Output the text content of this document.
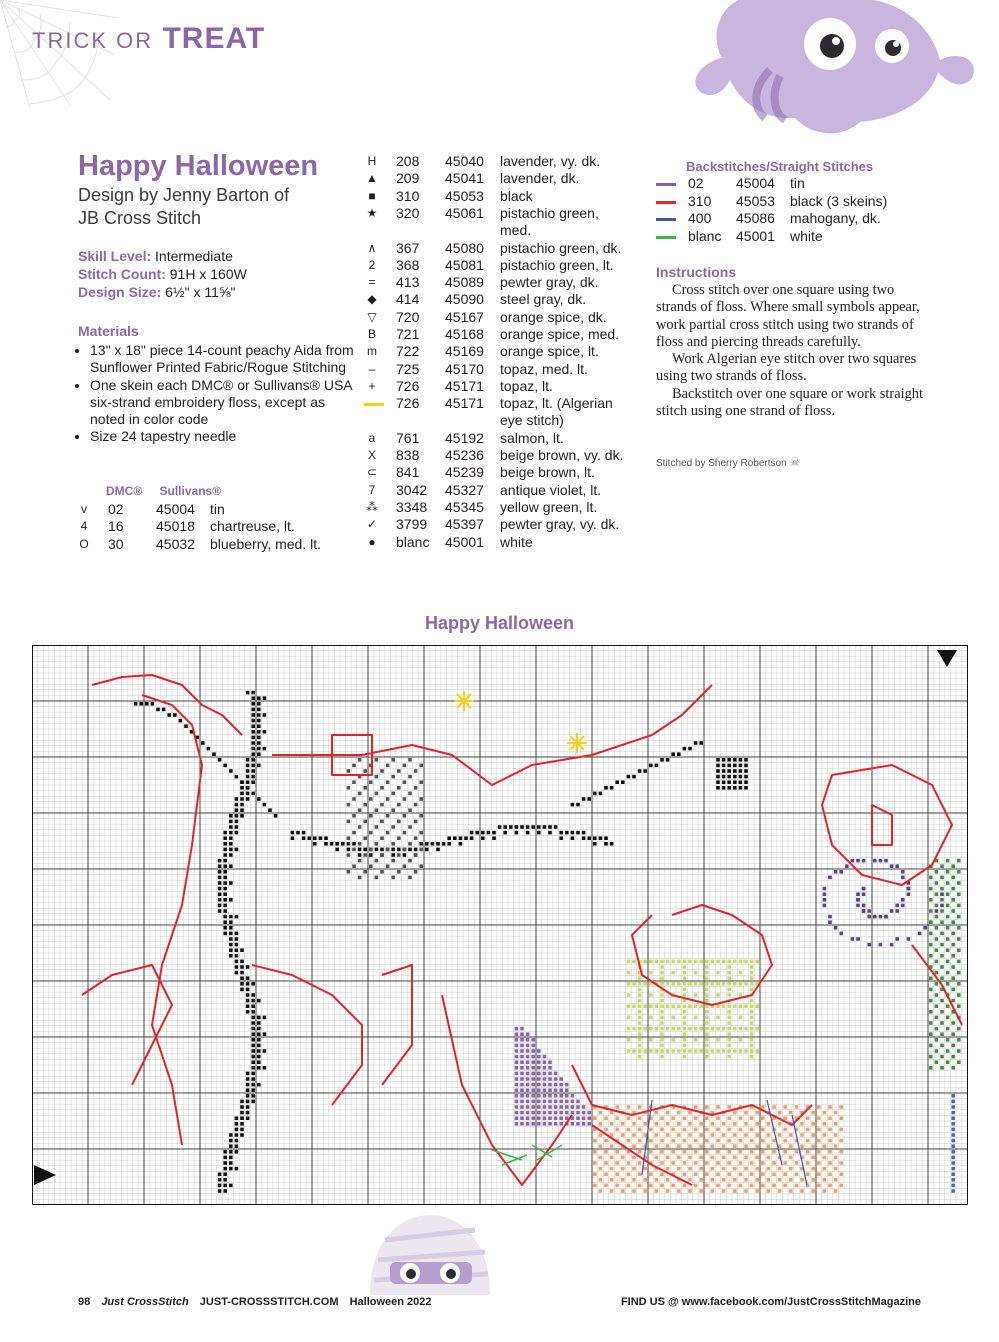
TRICK OR TREAT
Happy Halloween
Design by Jenny Barton of
JB Cross Stitch
Skill Level: Intermediate
Stitch Count: 91H x 160W
Design Size: 6½" x 11⅝"
Materials
• 13" x 18" piece 14-count peachy Aida from Sunflower Printed Fabric/Rogue Stitching
• One skein each DMC® or Sullivans® USA six-strand embroidery floss, except as noted in color code
• Size 24 tapestry needle
DMC® Sullivans®
v 02 45004 tin
4 16 45018 chartreuse, lt.
O 30 45032 blueberry, med. lt.
H 208 45040 lavender, vy. dk.
▲ 209 45041 lavender, dk.
■ 310 45053 black
★ 320 45061 pistachio green,
med.
∧ 367 45080 pistachio green, dk.
2 368 45081 pistachio green, lt.
= 413 45089 pewter gray, dk.
◆ 414 45090 steel gray, dk.
▽ 720 45167 orange spice, dk.
B 721 45168 orange spice, med.
m 722 45169 orange spice, lt.
– 725 45170 topaz, med. lt.
+ 726 45171 topaz, lt.
726 45171 topaz, lt. (Algerian
eye stitch)
a 761 45192 salmon, lt.
X 838 45236 beige brown, vy. dk.
⊂ 841 45239 beige brown, lt.
7 3042 45327 antique violet, lt.
⁂ 3348 45345 yellow green, lt.
✓ 3799 45397 pewter gray, vy. dk.
● blanc 45001 white
Backstitches/Straight Stitches
02 45004 tin
310 45053 black (3 skeins)
400 45086 mahogany, dk.
blanc 45001 white
Instructions

Cross stitch over one square using two strands of floss. Where small symbols appear, work partial cross stitch using two strands of floss and piercing threads carefully.

Work Algerian eye stitch over two squares using two strands of floss.

Backstitch over one square or work straight stitch using one strand of floss.

Stitched by Sherry Robertson ☠
Happy Halloween
98 Just CrossStitch JUST-CROSSSTITCH.COM Halloween 2022	FIND US @ www.facebook.com/JustCrossStitchMagazine
